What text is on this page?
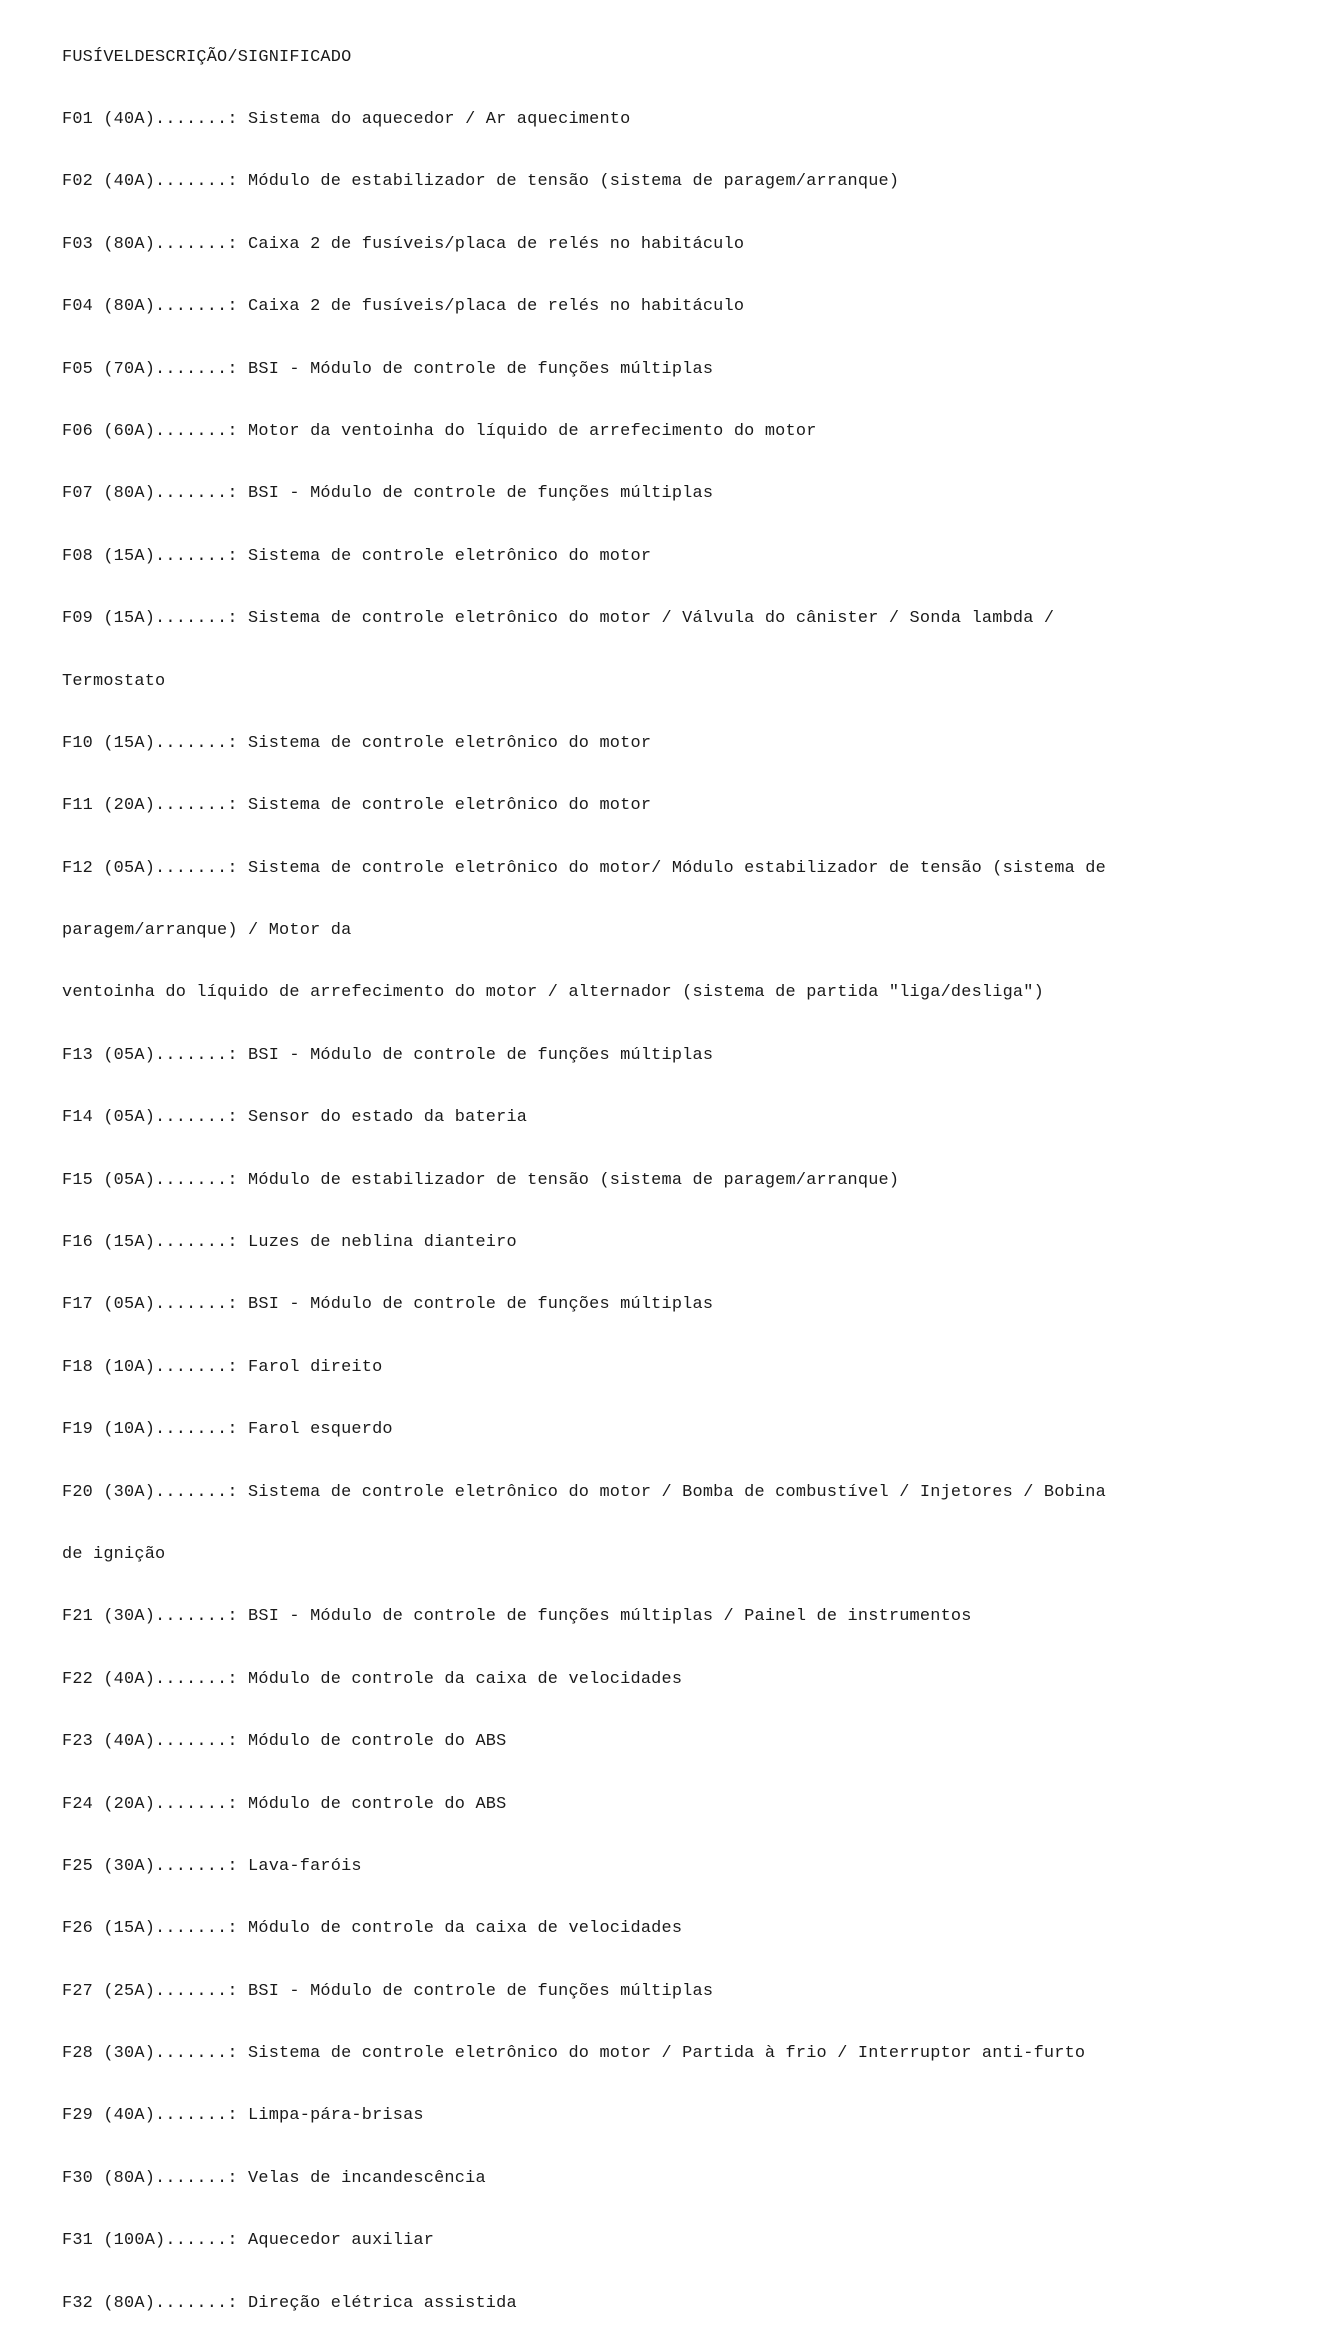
FUSÍVELDESCRIÇÃO/SIGNIFICADO

F01 (40A).......: Sistema do aquecedor / Ar aquecimento

F02 (40A).......: Módulo de estabilizador de tensão (sistema de paragem/arranque)

F03 (80A).......: Caixa 2 de fusíveis/placa de relés no habitáculo

F04 (80A).......: Caixa 2 de fusíveis/placa de relés no habitáculo

F05 (70A).......: BSI - Módulo de controle de funções múltiplas

F06 (60A).......: Motor da ventoinha do líquido de arrefecimento do motor

F07 (80A).......: BSI - Módulo de controle de funções múltiplas

F08 (15A).......: Sistema de controle eletrônico do motor

F09 (15A).......: Sistema de controle eletrônico do motor / Válvula do cânister / Sonda lambda /

Termostato

F10 (15A).......: Sistema de controle eletrônico do motor

F11 (20A).......: Sistema de controle eletrônico do motor

F12 (05A).......: Sistema de controle eletrônico do motor/ Módulo estabilizador de tensão (sistema de

paragem/arranque) / Motor da

ventoinha do líquido de arrefecimento do motor / alternador (sistema de partida "liga/desliga")

F13 (05A).......: BSI - Módulo de controle de funções múltiplas

F14 (05A).......: Sensor do estado da bateria

F15 (05A).......: Módulo de estabilizador de tensão (sistema de paragem/arranque)

F16 (15A).......: Luzes de neblina dianteiro

F17 (05A).......: BSI - Módulo de controle de funções múltiplas

F18 (10A).......: Farol direito

F19 (10A).......: Farol esquerdo

F20 (30A).......: Sistema de controle eletrônico do motor / Bomba de combustível / Injetores / Bobina

de ignição

F21 (30A).......: BSI - Módulo de controle de funções múltiplas / Painel de instrumentos

F22 (40A).......: Módulo de controle da caixa de velocidades

F23 (40A).......: Módulo de controle do ABS

F24 (20A).......: Módulo de controle do ABS

F25 (30A).......: Lava-faróis

F26 (15A).......: Módulo de controle da caixa de velocidades

F27 (25A).......: BSI - Módulo de controle de funções múltiplas

F28 (30A).......: Sistema de controle eletrônico do motor / Partida à frio / Interruptor anti-furto

F29 (40A).......: Limpa-pára-brisas

F30 (80A).......: Velas de incandescência

F31 (100A)......: Aquecedor auxiliar

F32 (80A).......: Direção elétrica assistida
